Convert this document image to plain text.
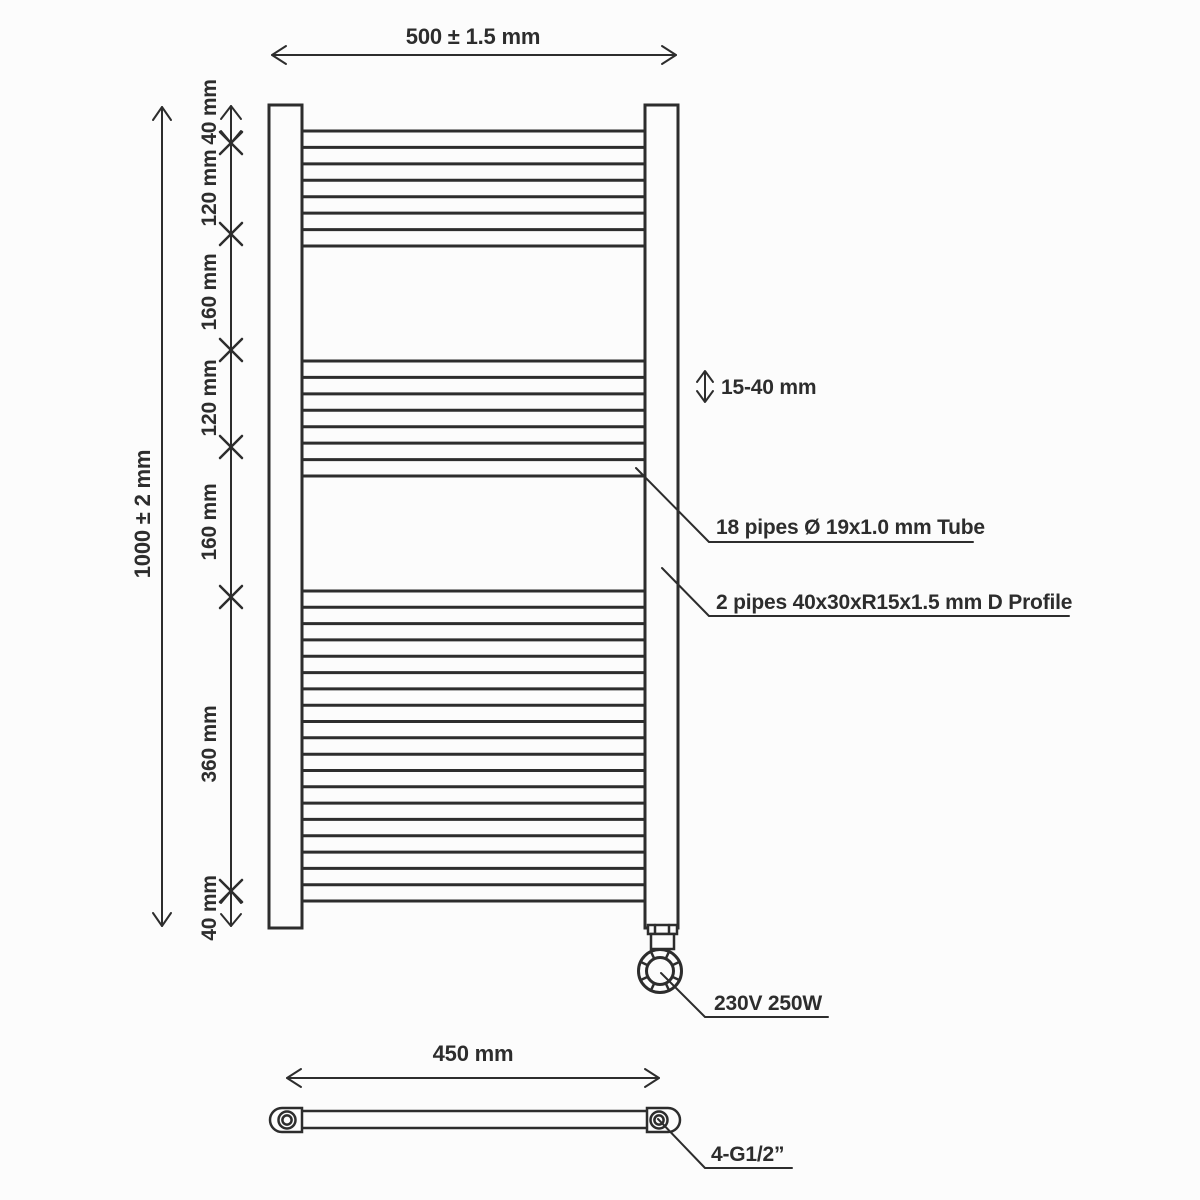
500 ± 1.5 mm
1000 ± 2 mm
40 mm
120 mm
160 mm
120 mm
160 mm
360 mm
40 mm
15-40 mm
18 pipes Ø 19x1.0 mm Tube
2 pipes 40x30xR15x1.5 mm D Profile
230V 250W
450 mm
4-G1/2”
